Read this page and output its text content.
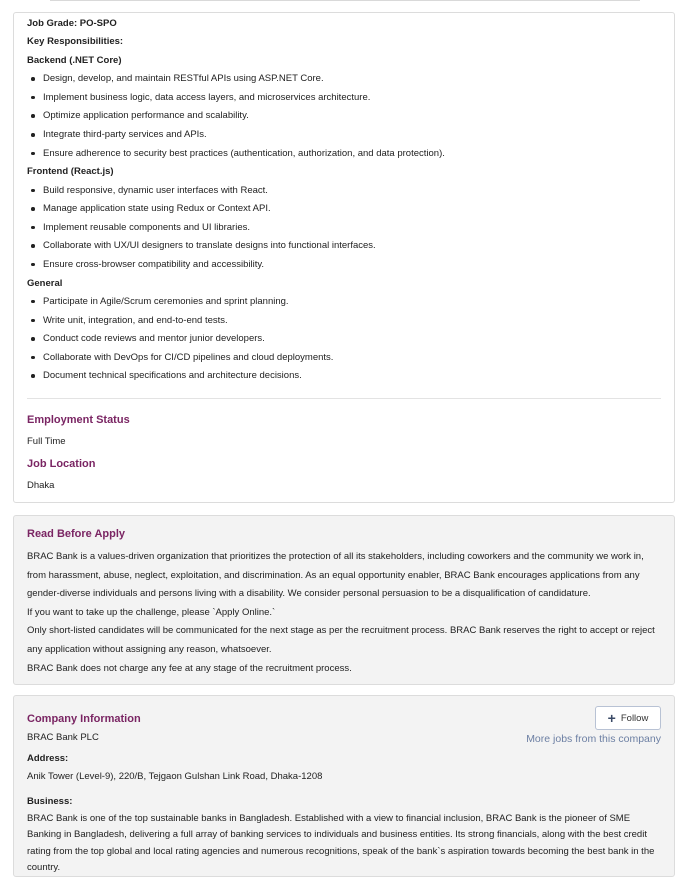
Job Grade: PO-SPO
Key Responsibilities:
Backend (.NET Core)
Design, develop, and maintain RESTful APIs using ASP.NET Core.
Implement business logic, data access layers, and microservices architecture.
Optimize application performance and scalability.
Integrate third-party services and APIs.
Ensure adherence to security best practices (authentication, authorization, and data protection).
Frontend (React.js)
Build responsive, dynamic user interfaces with React.
Manage application state using Redux or Context API.
Implement reusable components and UI libraries.
Collaborate with UX/UI designers to translate designs into functional interfaces.
Ensure cross-browser compatibility and accessibility.
General
Participate in Agile/Scrum ceremonies and sprint planning.
Write unit, integration, and end-to-end tests.
Conduct code reviews and mentor junior developers.
Collaborate with DevOps for CI/CD pipelines and cloud deployments.
Document technical specifications and architecture decisions.
Employment Status
Full Time
Job Location
Dhaka
Read Before Apply
BRAC Bank is a values-driven organization that prioritizes the protection of all its stakeholders, including coworkers and the community we work in, from harassment, abuse, neglect, exploitation, and discrimination. As an equal opportunity enabler, BRAC Bank encourages applications from any gender-diverse individuals and persons living with a disability. We consider personal persuasion to be a disqualification of candidature.
If you want to take up the challenge, please `Apply Online.`
Only short-listed candidates will be communicated for the next stage as per the recruitment process. BRAC Bank reserves the right to accept or reject any application without assigning any reason, whatsoever.
BRAC Bank does not charge any fee at any stage of the recruitment process.
Company Information
BRAC Bank PLC
+ Follow
More jobs from this company
Address:
Anik Tower (Level-9), 220/B, Tejgaon Gulshan Link Road, Dhaka-1208
Business:
BRAC Bank is one of the top sustainable banks in Bangladesh. Established with a view to financial inclusion, BRAC Bank is the pioneer of SME Banking in Bangladesh, delivering a full array of banking services to individuals and business entities. Its strong financials, along with the best credit rating from the top global and local rating agencies and numerous recognitions, speak of the bank`s aspiration towards becoming the best bank in the country.
